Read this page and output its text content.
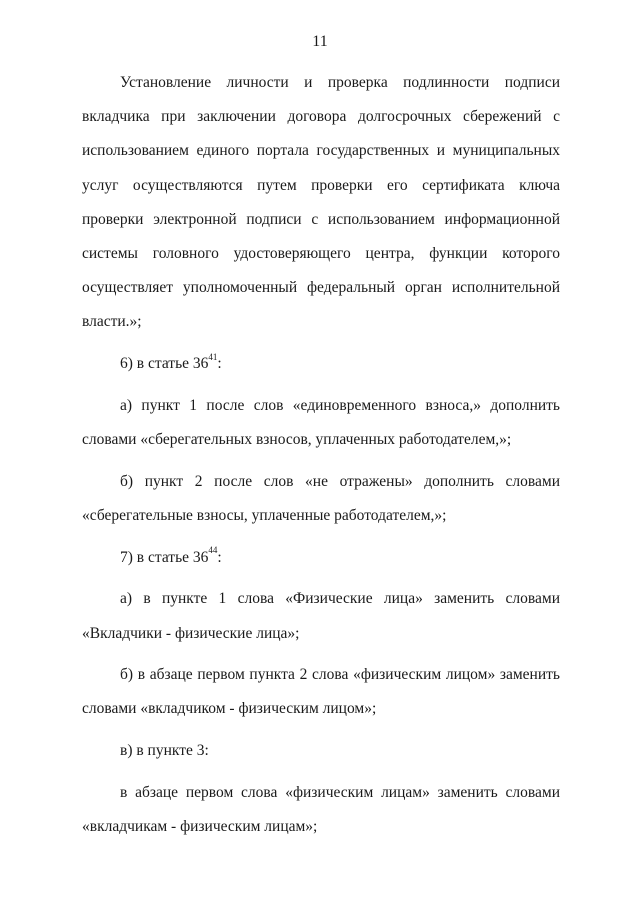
11

Установление личности и проверка подлинности подписи вкладчика при заключении договора долгосрочных сбережений с использованием единого портала государственных и муниципальных услуг осуществляются путем проверки его сертификата ключа проверки электронной подписи с использованием информационной системы головного удостоверяющего центра, функции которого осуществляет уполномоченный федеральный орган исполнительной власти.»;

6) в статье $36^{41}$:

а) пункт 1 после слов «единовременного взноса,» дополнить словами «сберегательных взносов, уплаченных работодателем,»;

б) пункт 2 после слов «не отражены» дополнить словами «сберегательные взносы, уплаченные работодателем,»;

7) в статье $36^{44}$:

а) в пункте 1 слова «Физические лица» заменить словами «Вкладчики - физические лица»;

б) в абзаце первом пункта 2 слова «физическим лицом» заменить словами «вкладчиком - физическим лицом»;

в) в пункте 3:

в абзаце первом слова «физическим лицам» заменить словами «вкладчикам - физическим лицам»;
